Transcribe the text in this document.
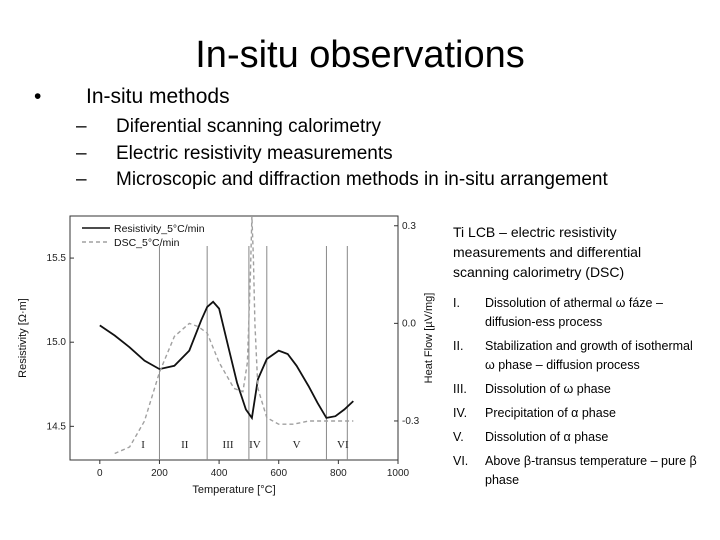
In-situ observations
• In-situ methods
– Diferential scanning calorimetry
– Electric resistivity measurements
– Microscopic and diffraction methods in in-situ arrangement
I	II	III IV	V	VI
0	200	400	600	800	1000
14.5
15.0
15.5
-0.3
0.0
0.3
Temperature [°C]
Resistivity [Ω·m]	Heat Flow [µV/mg]
Resistivity_5°C/min
DSC_5°C/min
Ti LCB – electric resistivity measurements and differential scanning calorimetry (DSC)
I.	Dissolution of athermal ω fáze – diffusion-ess process
II.	Stabilization and growth of isothermal ω phase – diffusion process
III.	Dissolution of ω phase
IV.	Precipitation of α phase
V.	Dissolution of α phase
VI.	Above β-transus temperature – pure β phase
